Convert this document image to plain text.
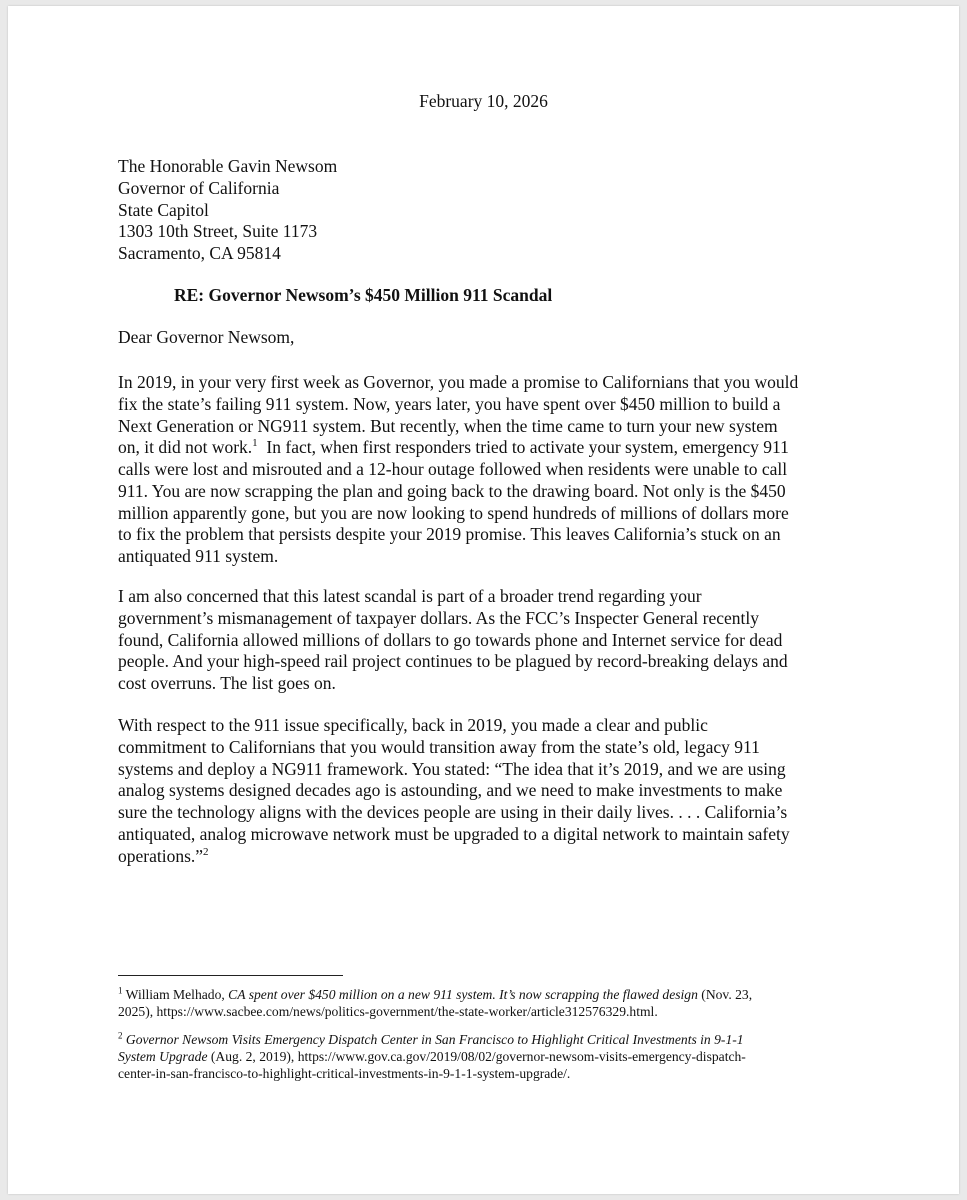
February 10, 2026
The Honorable Gavin Newsom
Governor of California
State Capitol
1303 10th Street, Suite 1173
Sacramento, CA 95814
RE: Governor Newsom’s $450 Million 911 Scandal
Dear Governor Newsom,
In 2019, in your very first week as Governor, you made a promise to Californians that you would
fix the state’s failing 911 system. Now, years later, you have spent over $450 million to build a
Next Generation or NG911 system. But recently, when the time came to turn your new system
on, it did not work.$^1$  In fact, when first responders tried to activate your system, emergency 911
calls were lost and misrouted and a 12-hour outage followed when residents were unable to call
911. You are now scrapping the plan and going back to the drawing board. Not only is the $450
million apparently gone, but you are now looking to spend hundreds of millions of dollars more
to fix the problem that persists despite your 2019 promise. This leaves California’s stuck on an
antiquated 911 system.
I am also concerned that this latest scandal is part of a broader trend regarding your
government’s mismanagement of taxpayer dollars. As the FCC’s Inspecter General recently
found, California allowed millions of dollars to go towards phone and Internet service for dead
people. And your high-speed rail project continues to be plagued by record-breaking delays and
cost overruns. The list goes on.
With respect to the 911 issue specifically, back in 2019, you made a clear and public
commitment to Californians that you would transition away from the state’s old, legacy 911
systems and deploy a NG911 framework. You stated: “The idea that it’s 2019, and we are using
analog systems designed decades ago is astounding, and we need to make investments to make
sure the technology aligns with the devices people are using in their daily lives. . . . California’s
antiquated, analog microwave network must be upgraded to a digital network to maintain safety
operations.”$^2$
$^1$ William Melhado, CA spent over $450 million on a new 911 system. It’s now scrapping the flawed design (Nov. 23,
2025), https://www.sacbee.com/news/politics-government/the-state-worker/article312576329.html.
$^2$ Governor Newsom Visits Emergency Dispatch Center in San Francisco to Highlight Critical Investments in 9-1-1
System Upgrade (Aug. 2, 2019), https://www.gov.ca.gov/2019/08/02/governor-newsom-visits-emergency-dispatch-
center-in-san-francisco-to-highlight-critical-investments-in-9-1-1-system-upgrade/.
